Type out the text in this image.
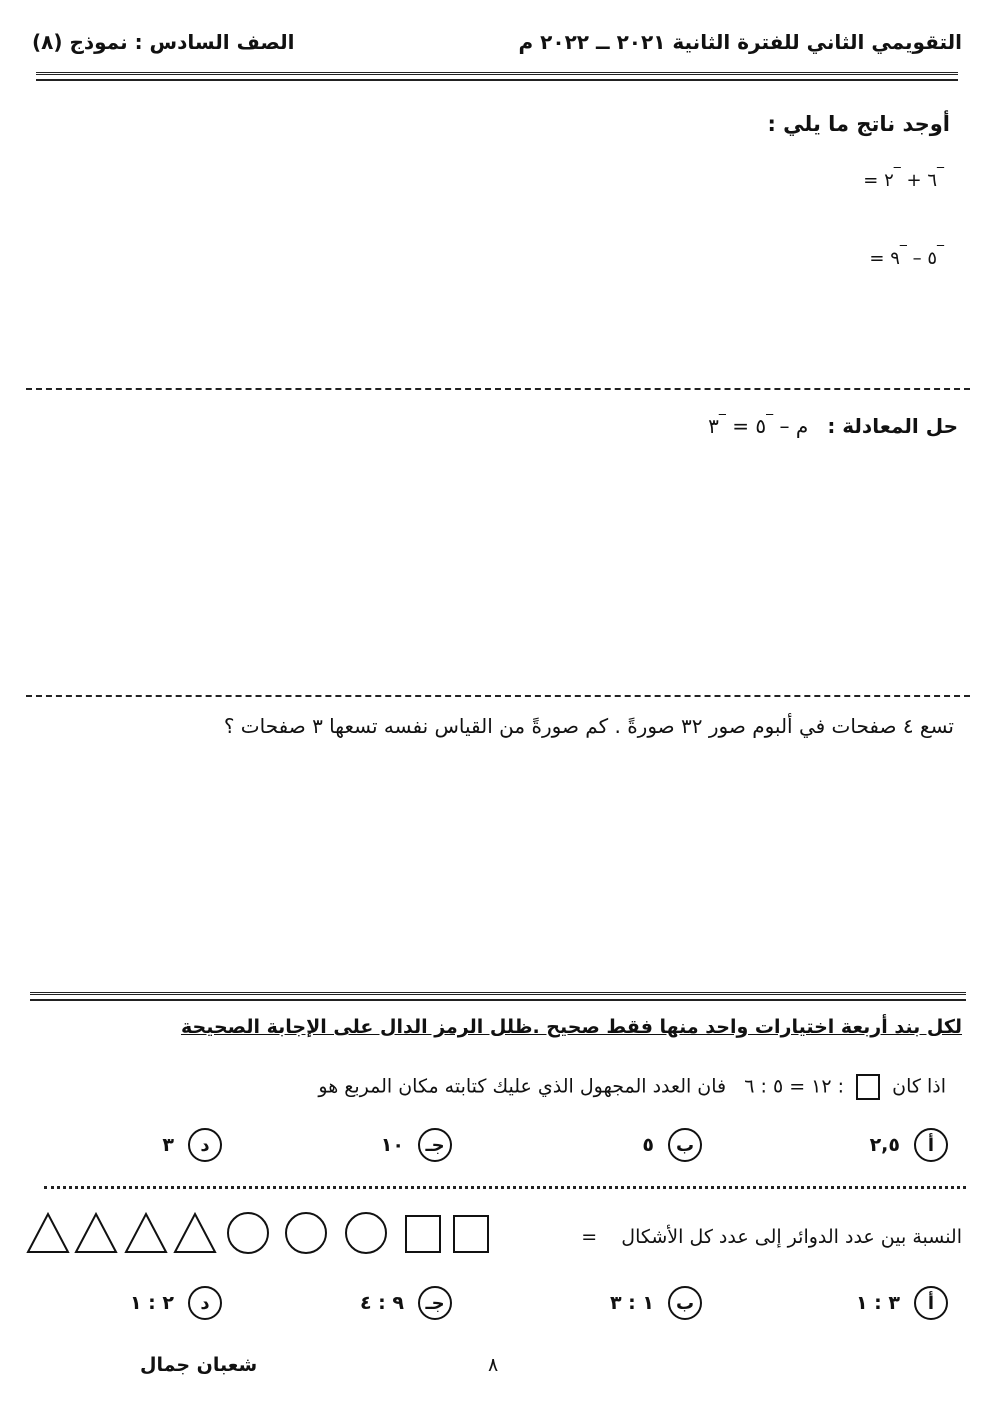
التقويمي الثاني للفترة الثانية ٢٠٢١ ــ ٢٠٢٢ م
الصف السادس : نموذج (٨)
أوجد ناتج ما يلي :
‾٦ + ‾٢ =
‾٥ – ‾٩ =
حل المعادلة :   م – ‾٥ = ‾٣
تسع ٤ صفحات في ألبوم صور ٣٢ صورةً . كم صورةً من القياس نفسه تسعها ٣ صفحات ؟
لكل بند أربعة اختيارات واحد منها فقط صحيح .ظلل الرمز الدال على الإجابة الصحيحة
اذا كان  : ١٢ = ٥ : ٦   فان العدد المجهول الذي عليك كتابته مكان المربع هو
أ
٢,٥
ب
٥
جـ
١٠
د
٣
النسبة بين عدد الدوائر إلى عدد كل الأشكال    =
أ
٣ : ١
ب
١ : ٣
جـ
٩ : ٤
د
٢ : ١
٨
شعبان جمال
